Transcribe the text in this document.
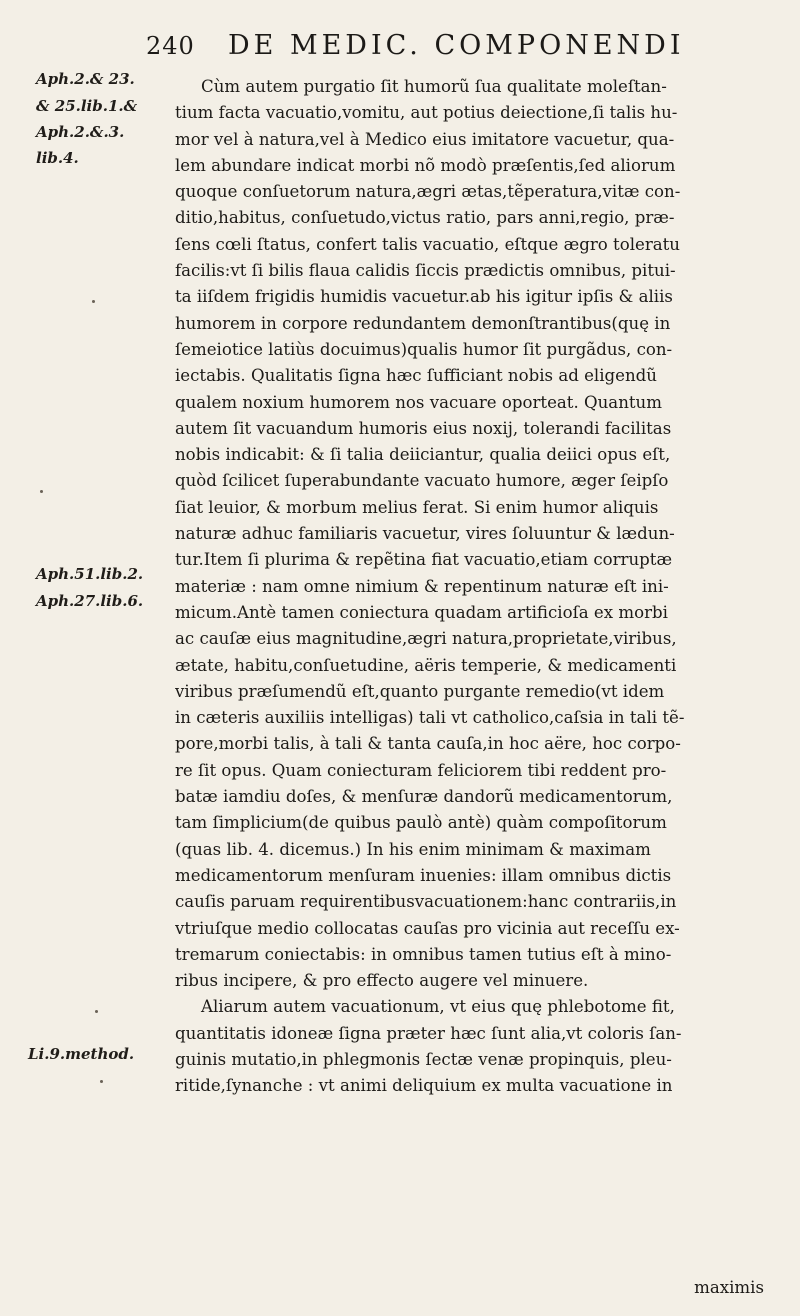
240 DE MEDIC. COMPONENDI
Aph.2.& 23.
& 25.lib.1.&
Aph.2.&.3.
lib.4.
Aph.51.lib.2.
Aph.27.lib.6.
Li.9.method.
Cùm autem purgatio ſit humorũ ſua qualitate moleſtan-
tium facta vacuatio,vomitu, aut potius deiectione,ſi talis hu-
mor vel à natura,vel à Medico eius imitatore vacuetur, qua-
lem abundare indicat morbi nõ modò præſentis,ſed aliorum
quoque conſuetorum natura,ægri ætas,tẽperatura,vitæ con-
ditio,habitus, conſuetudo,victus ratio, pars anni,regio, præ-
ſens cœli ſtatus, confert talis vacuatio, eſtque ægro toleratu
facilis:vt ſi bilis flaua calidis ſiccis prædictis omnibus, pitui-
ta iiſdem frigidis humidis vacuetur.ab his igitur ipſis & aliis
humorem in corpore redundantem demonſtrantibus(quę in
ſemeiotice latiùs docuimus)qualis humor ſit purgãdus, con-
iectabis. Qualitatis ſigna hæc ſufficiant nobis ad eligendũ
qualem noxium humorem nos vacuare oporteat. Quantum
autem ſit vacuandum humoris eius noxij, tolerandi facilitas
nobis indicabit: & ſi talia deiiciantur, qualia deiici opus eſt,
quòd ſcilicet ſuperabundante vacuato humore, æger ſeipſo
ſiat leuior, & morbum melius ferat. Si enim humor aliquis
naturæ adhuc familiaris vacuetur, vires ſoluuntur & lædun-
tur.Item ſi plurima & repẽtina fiat vacuatio,etiam corruptæ
materiæ : nam omne nimium & repentinum naturæ eſt ini-
micum.Antè tamen coniectura quadam artificioſa ex morbi
ac cauſæ eius magnitudine,ægri natura,proprietate,viribus,
ætate, habitu,conſuetudine, aëris temperie, & medicamenti
viribus præſumendũ eſt,quanto purgante remedio(vt idem
in cæteris auxiliis intelligas) tali vt catholico,caſsia in tali tẽ-
pore,morbi talis, à tali & tanta cauſa,in hoc aëre, hoc corpo-
re ſit opus. Quam coniecturam feliciorem tibi reddent pro-
batæ iamdiu doſes, & menſuræ dandorũ medicamentorum,
tam ſimplicium(de quibus paulò antè) quàm compoſitorum
(quas lib. 4. dicemus.) In his enim minimam & maximam
medicamentorum menſuram inuenies: illam omnibus dictis
cauſis paruam requirentibusvacuationem:hanc contrariis,in
vtriuſque medio collocatas cauſas pro vicinia aut receſſu ex-
tremarum coniectabis: in omnibus tamen tutius eſt à mino-
ribus incipere, & pro effecto augere vel minuere.
Aliarum autem vacuationum, vt eius quę phlebotome fit,
quantitatis idoneæ ſigna præter hæc ſunt alia,vt coloris ſan-
guinis mutatio,in phlegmonis ſectæ venæ propinquis, pleu-
ritide,ſynanche : vt animi deliquium ex multa vacuatione in
maximis
